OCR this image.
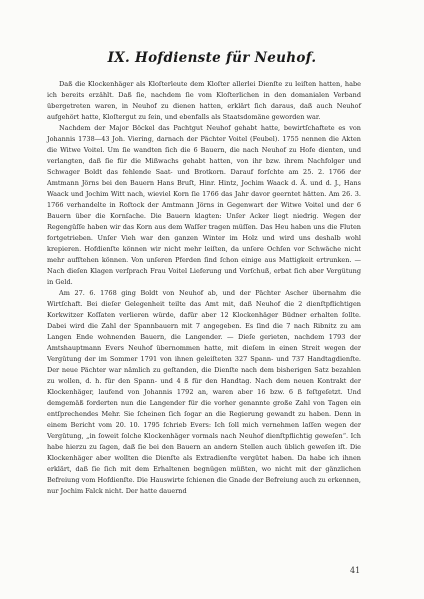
IX. Hofdienste für Neuhof.

Daß die Klockenhäger als Kloſterleute dem Kloſter allerlei Dienſte zu leiſten hatten, habe ich bereits erzählt. Daß ſie, nachdem ſie vom Kloſterlichen in den domanialen Verband übergetreten waren, in Neuhof zu dienen hatten, erklärt ſich daraus, daß auch Neuhof aufgehört hatte, Kloſtergut zu ſein, und ebenfalls als Staatsdomäne geworden war.

Nachdem der Major Böckel das Pachtgut Neuhof gehabt hatte, bewirtſchaftete es von Johannis 1738—43 Joh. Viering, darnach der Pächter Voitel (Feubel). 1755 nennen die Akten die Witwe Voitel. Um ſie wandten ſich die 6 Bauern, die nach Neuhof zu Hofe dienten, und verlangten, daß ſie für die Mißwachs gehabt hatten, von ihr bzw. ihrem Nachfolger und Schwager Boldt das fehlende Saat- und Brotkorn. Darauf forſchte am 25. 2. 1766 der Amtmann Jörns bei den Bauern Hans Bruſt, Hinr. Hintz, Jochim Waack d. Ä. und d. J., Hans Waack und Jochim Witt nach, wieviel Korn ſie 1766 das Jahr davor geerntet hätten. Am 26. 3. 1766 verhandelte in Roſtock der Amtmann Jörns in Gegenwart der Witwe Voitel und der 6 Bauern über die Kornſache. Die Bauern klagten: Unſer Acker liegt niedrig. Wegen der Regengüſſe haben wir das Korn aus dem Waſſer tragen müſſen. Das Heu haben uns die Fluten fortgetrieben. Unſer Vieh war den ganzen Winter im Holz und wird uns deshalb wohl krepieren. Hofdienſte können wir nicht mehr leiſten, da unſere Ochſen vor Schwäche nicht mehr aufſtehen können. Von unſeren Pferden ſind ſchon einige aus Mattigkeit ertrunken. — Nach dieſen Klagen verſprach Frau Voitel Lieferung und Vorſchuß, erbat ſich aber Vergütung in Geld.

Am 27. 6. 1768 ging Boldt von Neuhof ab, und der Pächter Ascher übernahm die Wirtſchaft. Bei dieſer Gelegenheit teilte das Amt mit, daß Neuhof die 2 dienſtpflichtigen Korkwitzer Koſſaten verlieren würde, dafür aber 12 Klockenhäger Büdner erhalten ſollte. Dabei wird die Zahl der Spannbauern mit 7 angegeben. Es ſind die 7 nach Ribnitz zu am Langen Ende wohnenden Bauern, die Langender. — Dieſe gerieten, nachdem 1793 der Amtshauptmann Evers Neuhof übernommen hatte, mit dieſem in einen Streit wegen der Vergütung der im Sommer 1791 von ihnen geleiſteten 327 Spann- und 737 Handtagdienſte. Der neue Pächter war nämlich zu geſtanden, die Dienſte nach dem bisherigen Satz bezahlen zu wollen, d. h. für den Spann- und 4 ß für den Handtag. Nach dem neuen Kontrakt der Klockenhäger, laufend von Johannis 1792 an, waren aber 16 bzw. 6 ß feſtgeſetzt. Und demgemäß forderten nun die Langender für die vorher genannte große Zahl von Tagen ein entſprechendes Mehr. Sie ſcheinen ſich ſogar an die Regierung gewandt zu haben. Denn in einem Bericht vom 20. 10. 1795 ſchrieb Evers: Ich ſoll mich vernehmen laſſen wegen der Vergütung, „in ſoweit ſolche Klockenhäger vormals nach Neuhof dienſtpflichtig geweſen“. Ich habe hierzu zu ſagen, daß ſie bei den Bauern an andern Stellen auch üblich geweſen iſt. Die Klockenhäger aber wollten die Dienſte als Extradienſte vergütet haben. Da habe ich ihnen erklärt, daß ſie ſich mit dem Erhaltenen begnügen müßten, wo nicht mit der gänzlichen Befreiung vom Hofdienſte. Die Hauswirte ſchienen die Gnade der Befreiung auch zu erkennen, nur Jochim Falck nicht. Der hatte dauernd

41
